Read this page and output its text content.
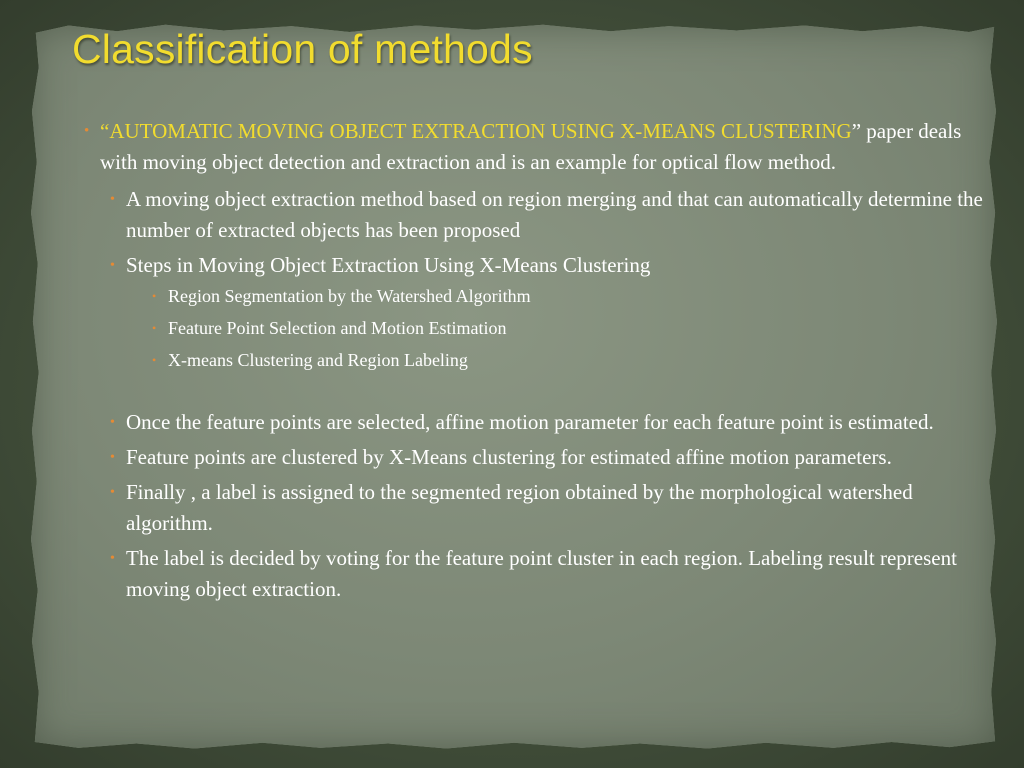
Classification of methods
• “AUTOMATIC MOVING OBJECT EXTRACTION USING X-MEANS CLUSTERING” paper deals with moving object detection and extraction and is an example for optical flow method.
• A moving object extraction method based on region merging and that can automatically determine the number of extracted objects has been proposed
• Steps in Moving Object Extraction Using X-Means Clustering
• Region Segmentation by the Watershed Algorithm
• Feature Point Selection and Motion Estimation
• X-means Clustering and Region Labeling
• Once the feature points are selected, affine motion parameter for each feature point is estimated.
• Feature points are clustered by X-Means clustering for estimated affine motion parameters.
• Finally , a label is assigned to the segmented region obtained by the morphological watershed algorithm.
• The label is decided by voting for the feature point cluster in each region. Labeling result represent moving object extraction.
